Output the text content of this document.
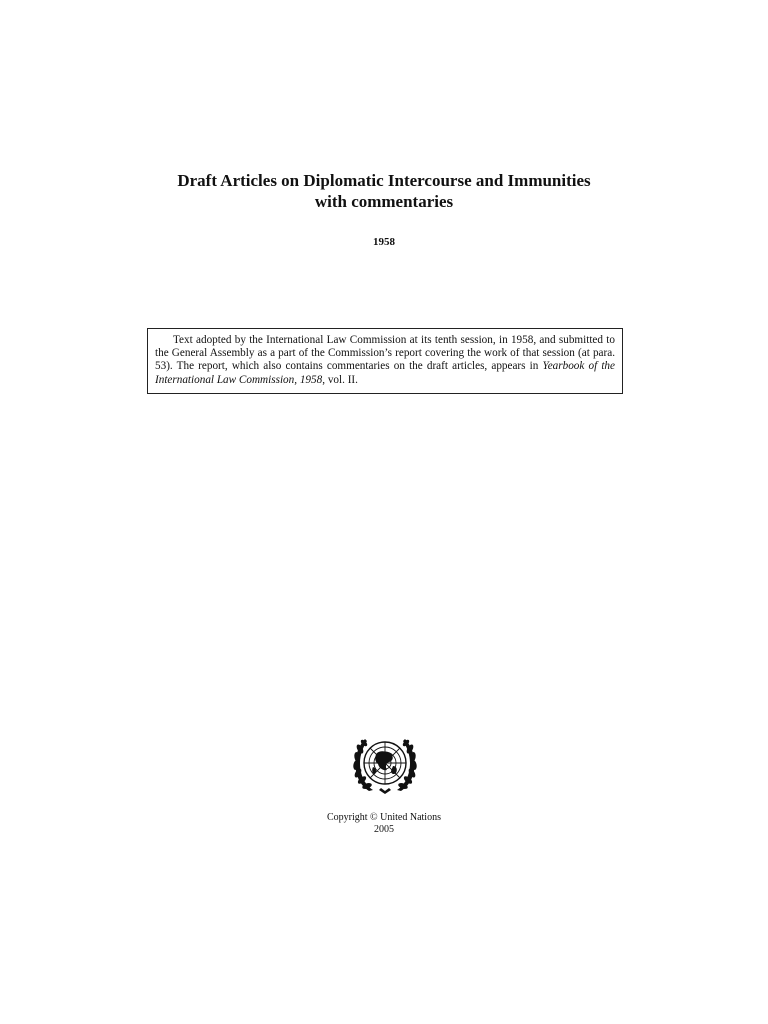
Draft Articles on Diplomatic Intercourse and Immunities
with commentaries
1958

Text adopted by the International Law Commission at its tenth session, in 1958, and submitted to the General Assembly as a part of the Commission’s report covering the work of that session (at para. 53). The report, which also contains commentaries on the draft articles, appears in Yearbook of the International Law Commission, 1958, vol. II.

Copyright © United Nations
2005
